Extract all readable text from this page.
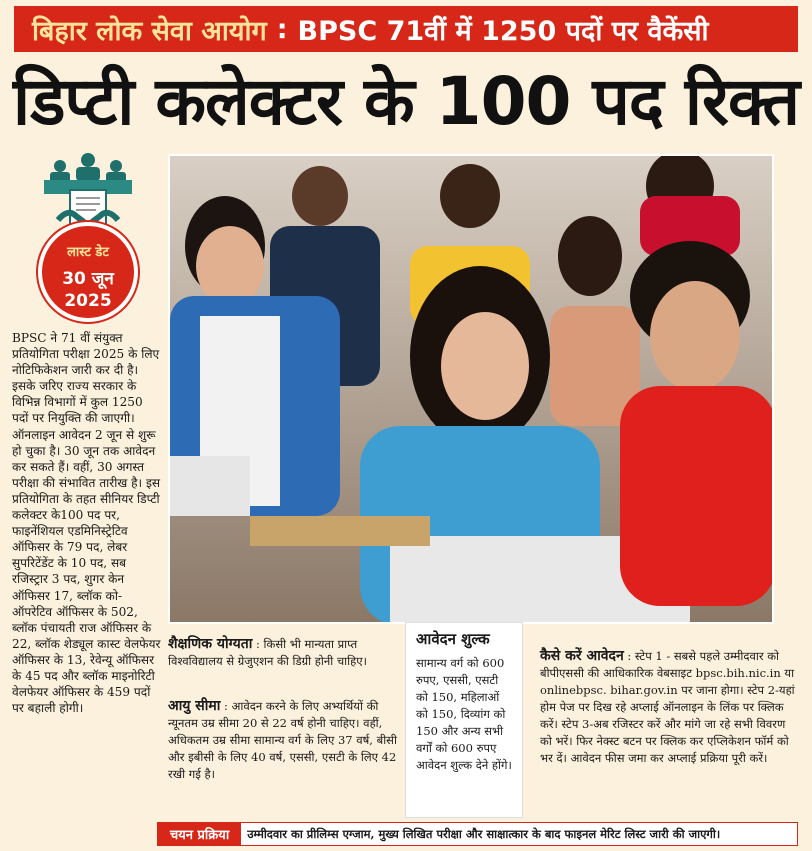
बिहार लोक सेवा आयोग : BPSC 71वीं में 1250 पदों पर वैकेंसी
डिप्टी कलेक्टर के 100 पद रिक्त
लास्ट डेट
30 जून
2025
BPSC ने 71 वीं संयुक्त प्रतियोगिता परीक्षा 2025 के लिए नोटिफिकेशन जारी कर दी है। इसके जरिए राज्य सरकार के विभिन्न विभागों में कुल 1250 पदों पर नियुक्ति की जाएगी। ऑनलाइन आवेदन 2 जून से शुरू हो चुका है। 30 जून तक आवेदन कर सकते हैं। वहीं, 30 अगस्त परीक्षा की संभावित तारीख है। इस प्रतियोगिता के तहत सीनियर डिप्टी कलेक्टर के100 पद पर, फाइनेंशियल एडमिनिस्ट्रेटिव ऑफिसर के 79 पद, लेबर सुपरिटेंडेंट के 10 पद, सब रजिस्ट्रार 3 पद, शुगर केन ऑफिसर 17, ब्लॉक को-ऑपरेटिव ऑफिसर के 502, ब्लॉक पंचायती राज ऑफिसर के 22, ब्लॉक शेड्यूल कास्ट वेलफेयर ऑफिसर के 13, रेवेन्यू ऑफिसर के 45 पद और ब्लॉक माइनोरिटी वेलफेयर ऑफिसर के 459 पदों पर बहाली होगी।
शैक्षणिक योग्यता : किसी भी मान्यता प्राप्त विश्वविद्यालय से ग्रेजुएशन की डिग्री होनी चाहिए।
आयु सीमा : आवेदन करने के लिए अभ्यर्थियों की न्यूनतम उम्र सीमा 20 से 22 वर्ष होनी चाहिए। वहीं, अधिकतम उम्र सीमा सामान्य वर्ग के लिए 37 वर्ष, बीसी और इबीसी के लिए 40 वर्ष, एससी, एसटी के लिए 42 रखी गई है।
आवेदन शुल्क
सामान्य वर्ग को 600 रुपए, एससी, एसटी को 150, महिलाओं को 150, दिव्यांग को 150 और अन्य सभी वर्गों को 600 रुपए आवेदन शुल्क देने होंगे।
कैसे करें आवेदन : स्टेप 1 - सबसे पहले उम्मीदवार को बीपीएससी की आधिकारिक वेबसाइट bpsc.bih.nic.in या onlinebpsc. bihar.gov.in पर जाना होगा। स्टेप 2-यहां होम पेज पर दिख रहे अप्लाई ऑनलाइन के लिंक पर क्लिक करें। स्टेप 3-अब रजिस्टर करें और मांगे जा रहे सभी विवरण को भरें। फिर नेक्स्ट बटन पर क्लिक कर एप्लिकेशन फॉर्म को भर दें। आवेदन फीस जमा कर अप्लाई प्रक्रिया पूरी करें।
चयन प्रक्रिया	उम्मीदवार का प्रीलिम्स एग्जाम, मुख्य लिखित परीक्षा और साक्षात्कार के बाद फाइनल मेरिट लिस्ट जारी की जाएगी।
